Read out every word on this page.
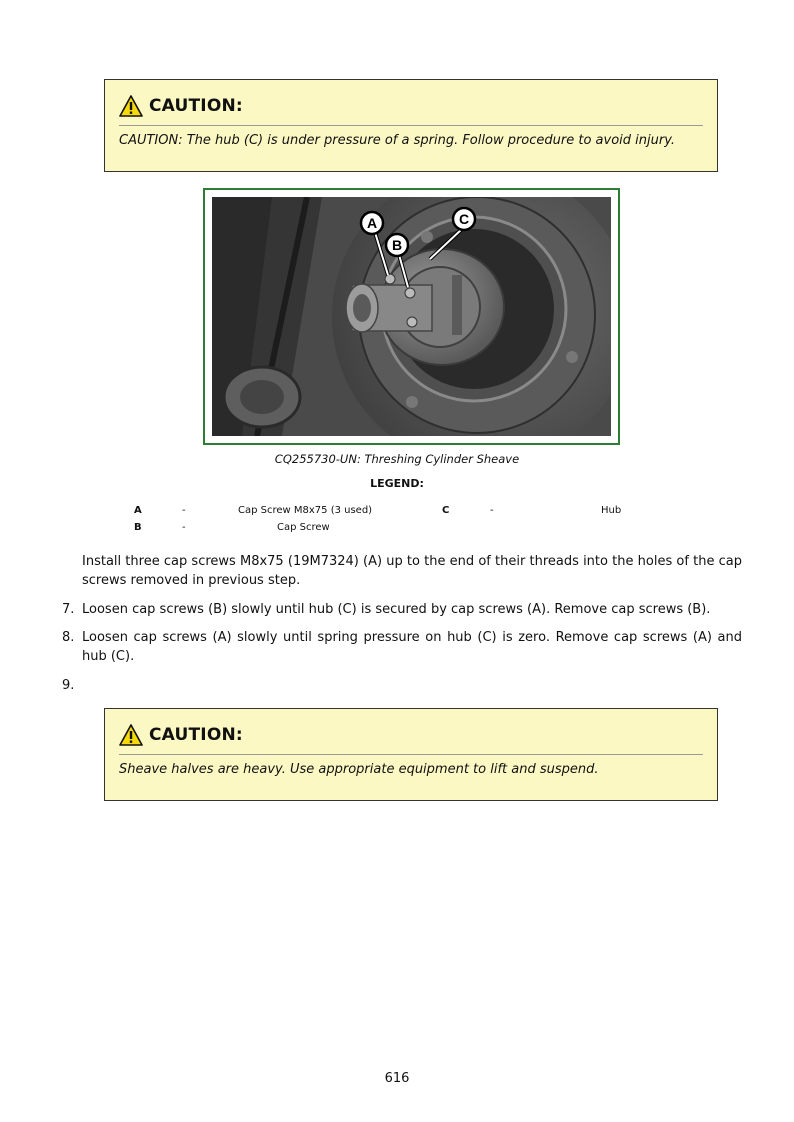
CAUTION:
CAUTION: The hub (C) is under pressure of a spring. Follow procedure to avoid injury.
A
B
C
CQ255730-UN: Threshing Cylinder Sheave
LEGEND:
A	-	Cap Screw M8x75 (3 used)
B	-	Cap Screw
C	-	Hub
Install three cap screws M8x75 (19M7324) (A) up to the end of their threads into the holes of the cap screws removed in previous step.
7. Loosen cap screws (B) slowly until hub (C) is secured by cap screws (A). Remove cap screws (B).
8. Loosen cap screws (A) slowly until spring pressure on hub (C) is zero. Remove cap screws (A) and hub (C).
9.
CAUTION:
Sheave halves are heavy. Use appropriate equipment to lift and suspend.
616
